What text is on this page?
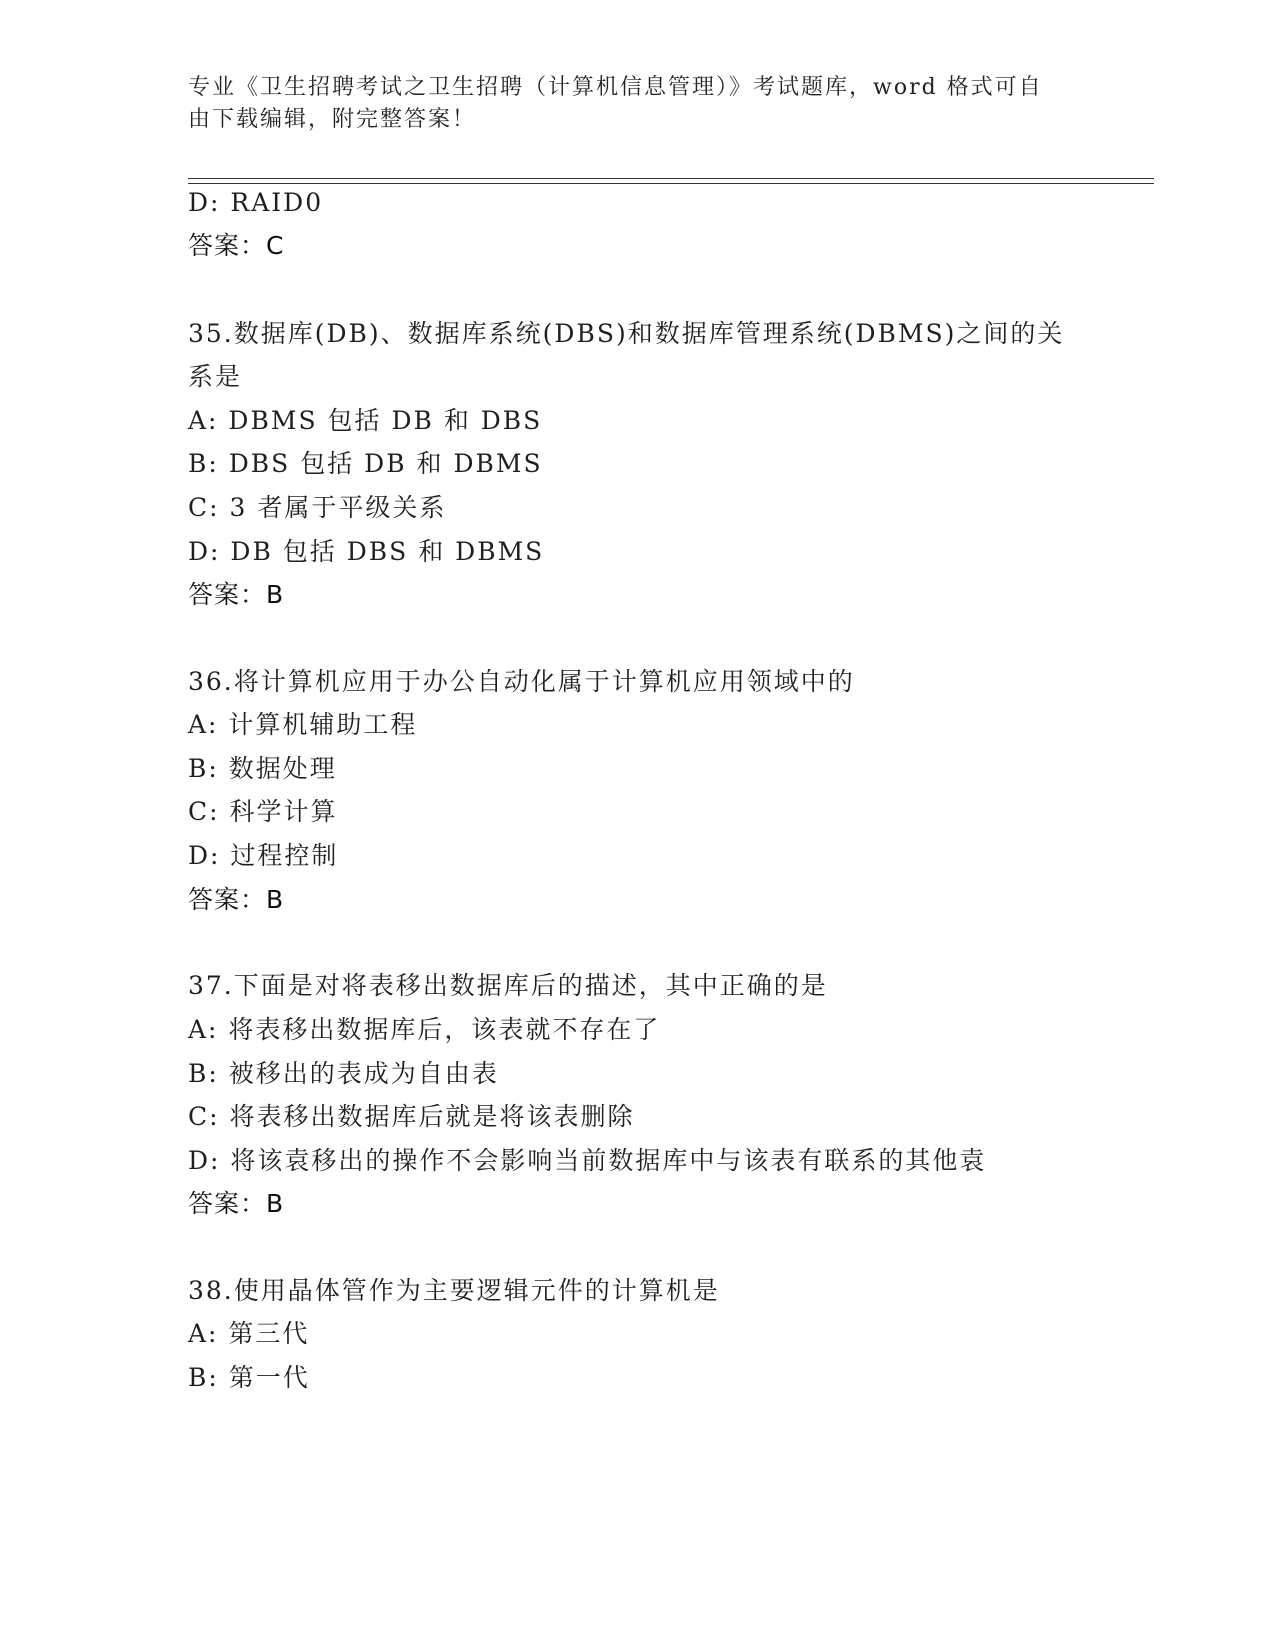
专业《卫生招聘考试之卫生招聘（计算机信息管理）》考试题库，word 格式可自
由下载编辑，附完整答案！
D: RAID0
答案：C
35.数据库(DB)、数据库系统(DBS)和数据库管理系统(DBMS)之间的关
系是
A: DBMS 包括 DB 和 DBS
B: DBS 包括 DB 和 DBMS
C: 3 者属于平级关系
D: DB 包括 DBS 和 DBMS
答案：B
36.将计算机应用于办公自动化属于计算机应用领域中的
A: 计算机辅助工程
B: 数据处理
C: 科学计算
D: 过程控制
答案：B
37.下面是对将表移出数据库后的描述，其中正确的是
A: 将表移出数据库后，该表就不存在了
B: 被移出的表成为自由表
C: 将表移出数据库后就是将该表删除
D: 将该袁移出的操作不会影响当前数据库中与该表有联系的其他袁
答案：B
38.使用晶体管作为主要逻辑元件的计算机是
A: 第三代
B: 第一代
